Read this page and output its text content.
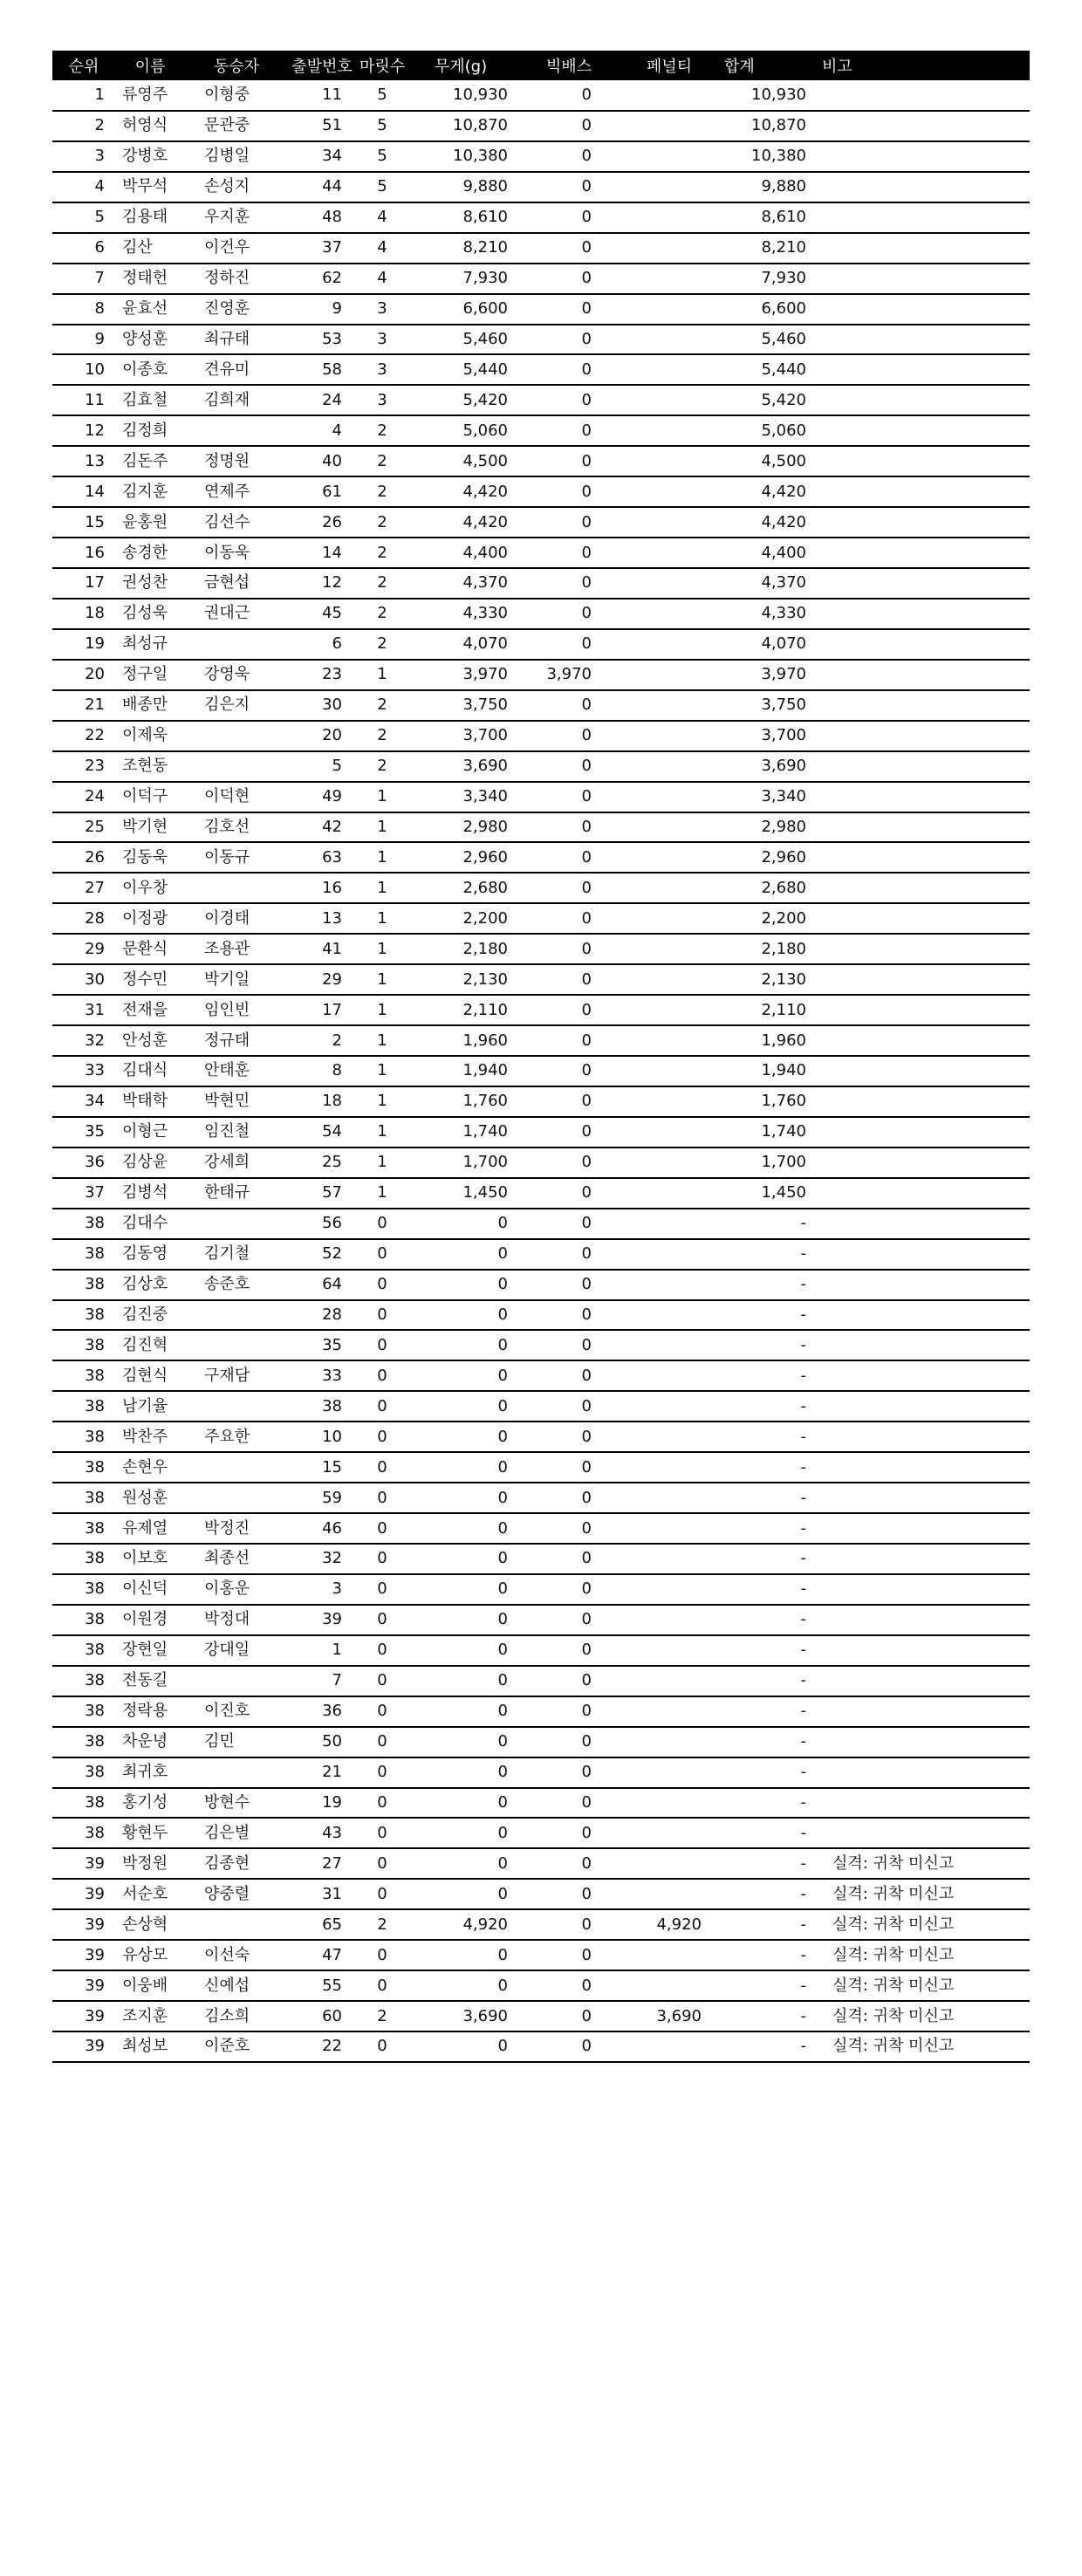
순위	이름	동승자	출발번호	마릿수	무게(g)	빅배스	페널티	합계	비고
1	류영주	이형중	11	5	10,930	0		10,930	
2	허영식	문관중	51	5	10,870	0		10,870	
3	강병호	김병일	34	5	10,380	0		10,380	
4	박무석	손성지	44	5	9,880	0		9,880	
5	김용태	우지훈	48	4	8,610	0		8,610	
6	김산	이건우	37	4	8,210	0		8,210	
7	정태헌	정하진	62	4	7,930	0		7,930	
8	윤효선	진영훈	9	3	6,600	0		6,600	
9	양성훈	최규태	53	3	5,460	0		5,460	
10	이종호	견유미	58	3	5,440	0		5,440	
11	김효철	김희재	24	3	5,420	0		5,420	
12	김정희		4	2	5,060	0		5,060	
13	김돈주	정명원	40	2	4,500	0		4,500	
14	김지훈	연제주	61	2	4,420	0		4,420	
15	윤홍원	김선수	26	2	4,420	0		4,420	
16	송경한	이동욱	14	2	4,400	0		4,400	
17	권성찬	금현섭	12	2	4,370	0		4,370	
18	김성욱	권대근	45	2	4,330	0		4,330	
19	최성규		6	2	4,070	0		4,070	
20	정구일	강영욱	23	1	3,970	3,970		3,970	
21	배종만	김은지	30	2	3,750	0		3,750	
22	이제욱		20	2	3,700	0		3,700	
23	조현동		5	2	3,690	0		3,690	
24	이덕구	이덕현	49	1	3,340	0		3,340	
25	박기현	김호선	42	1	2,980	0		2,980	
26	김동욱	이동규	63	1	2,960	0		2,960	
27	이우창		16	1	2,680	0		2,680	
28	이정광	이경태	13	1	2,200	0		2,200	
29	문환식	조용관	41	1	2,180	0		2,180	
30	정수민	박기일	29	1	2,130	0		2,130	
31	전재을	임인빈	17	1	2,110	0		2,110	
32	안성훈	정규태	2	1	1,960	0		1,960	
33	김대식	안태훈	8	1	1,940	0		1,940	
34	박태학	박현민	18	1	1,760	0		1,760	
35	이형근	임진철	54	1	1,740	0		1,740	
36	김상윤	강세희	25	1	1,700	0		1,700	
37	김병석	한태규	57	1	1,450	0		1,450	
38	김대수		56	0	0	0		-	
38	김동영	김기철	52	0	0	0		-	
38	김상호	송준호	64	0	0	0		-	
38	김진중		28	0	0	0		-	
38	김진혁		35	0	0	0		-	
38	김현식	구재담	33	0	0	0		-	
38	남기율		38	0	0	0		-	
38	박찬주	주요한	10	0	0	0		-	
38	손현우		15	0	0	0		-	
38	원성훈		59	0	0	0		-	
38	유제열	박정진	46	0	0	0		-	
38	이보호	최종선	32	0	0	0		-	
38	이신덕	이홍운	3	0	0	0		-	
38	이원경	박정대	39	0	0	0		-	
38	장현일	강대일	1	0	0	0		-	
38	전동길		7	0	0	0		-	
38	정락용	이진호	36	0	0	0		-	
38	차운녕	김민	50	0	0	0		-	
38	최귀호		21	0	0	0		-	
38	홍기성	방현수	19	0	0	0		-	
38	황현두	김은별	43	0	0	0		-	
39	박정원	김종현	27	0	0	0		-	실격: 귀착 미신고
39	서순호	양중렬	31	0	0	0		-	실격: 귀착 미신고
39	손상혁		65	2	4,920	0	4,920	-	실격: 귀착 미신고
39	유상모	이선숙	47	0	0	0		-	실격: 귀착 미신고
39	이웅배	신예섭	55	0	0	0		-	실격: 귀착 미신고
39	조지훈	김소희	60	2	3,690	0	3,690	-	실격: 귀착 미신고
39	최성보	이준호	22	0	0	0		-	실격: 귀착 미신고
